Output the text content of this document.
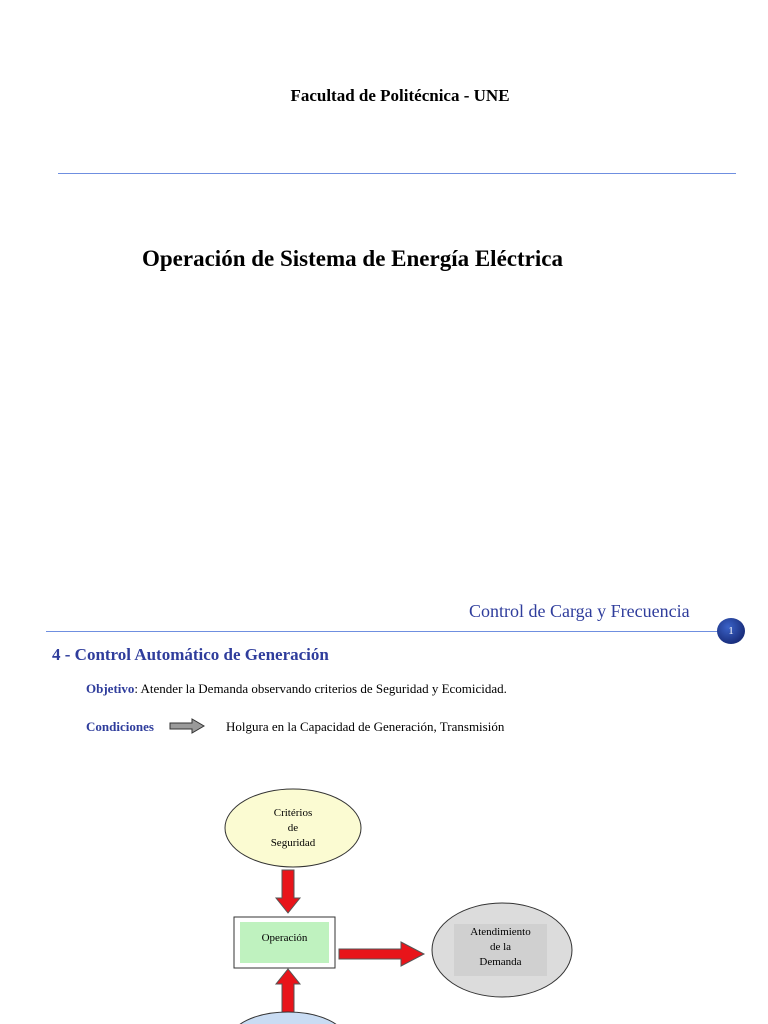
Facultad de Politécnica - UNE
Operación de Sistema de Energía Eléctrica
Control de Carga y Frecuencia
1
4 - Control Automático de Generación
Objetivo: Atender la Demanda observando criterios de Seguridad y Ecomicidad.
Condiciones	Holgura en la Capacidad de Generación, Transmisión
Critérios
de
Seguridad
Operación	Atendimiento
de la
Demanda
